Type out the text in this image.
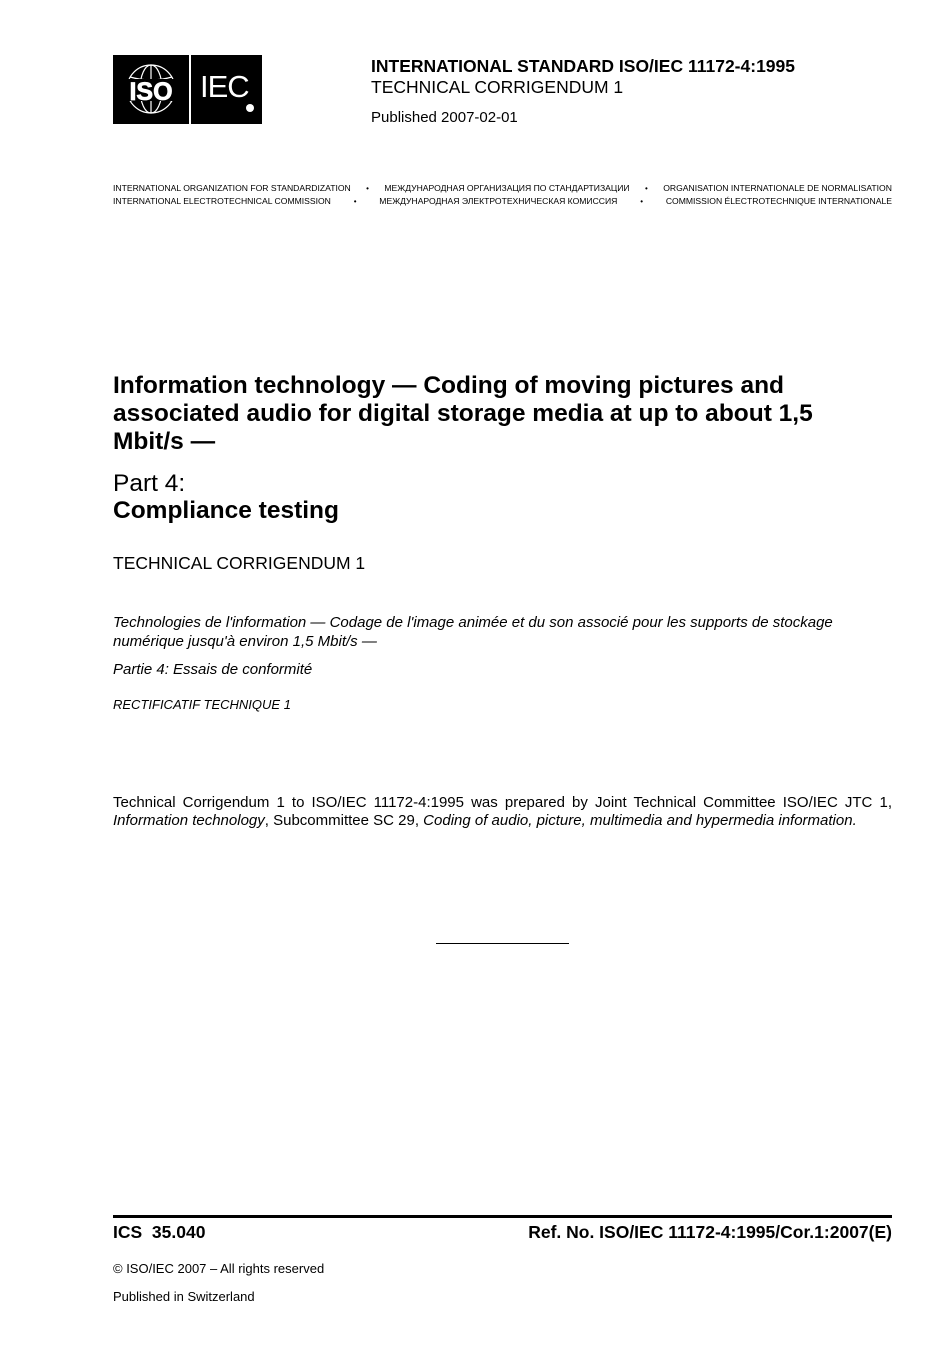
ISO IEC
INTERNATIONAL STANDARD ISO/IEC 11172-4:1995
TECHNICAL CORRIGENDUM 1
Published 2007-02-01
INTERNATIONAL ORGANIZATION FOR STANDARDIZATION • МЕЖДУНАРОДНАЯ ОРГАНИЗАЦИЯ ПО СТАНДАРТИЗАЦИИ • ORGANISATION INTERNATIONALE DE NORMALISATION
INTERNATIONAL ELECTROTECHNICAL COMMISSION	•	МЕЖДУНАРОДНАЯ ЭЛЕКТРОТЕХНИЧЕСКАЯ КОМИССИЯ	•	COMMISSION ÉLECTROTECHNIQUE INTERNATIONALE
Information technology — Coding of moving pictures and associated audio for digital storage media at up to about 1,5 Mbit/s —
Part 4:
Compliance testing
TECHNICAL CORRIGENDUM 1
Technologies de l'information — Codage de l'image animée et du son associé pour les supports de stockage numérique jusqu'à environ 1,5 Mbit/s —
Partie 4: Essais de conformité
RECTIFICATIF TECHNIQUE 1
Technical Corrigendum 1 to ISO/IEC 11172-4:1995 was prepared by Joint Technical Committee ISO/IEC JTC 1, Information technology, Subcommittee SC 29, Coding of audio, picture, multimedia and hypermedia information.
ICS  35.040	Ref. No. ISO/IEC 11172-4:1995/Cor.1:2007(E)
© ISO/IEC 2007 – All rights reserved
Published in Switzerland
